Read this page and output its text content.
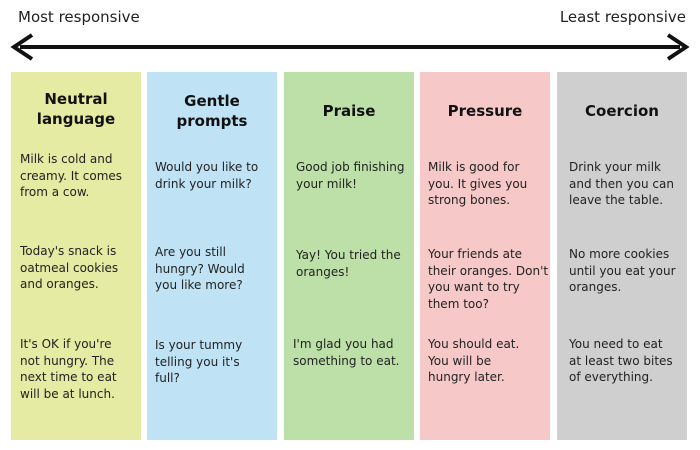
Most responsive	Least responsive
Neutral
language
Milk is cold and
creamy. It comes
from a cow.
Today's snack is
oatmeal cookies
and oranges.
It's OK if you're
not hungry. The
next time to eat
will be at lunch.
Gentle
prompts
Would you like to
drink your milk?
Are you still
hungry? Would
you like more?
Is your tummy
telling you it's
full?
Praise
Good job finishing
your milk!
Yay! You tried the
oranges!
I'm glad you had
something to eat.
Pressure
Milk is good for
you. It gives you
strong bones.
Your friends ate
their oranges. Don't
you want to try
them too?
You should eat.
You will be
hungry later.
Coercion
Drink your milk
and then you can
leave the table.
No more cookies
until you eat your
oranges.
You need to eat
at least two bites
of everything.
